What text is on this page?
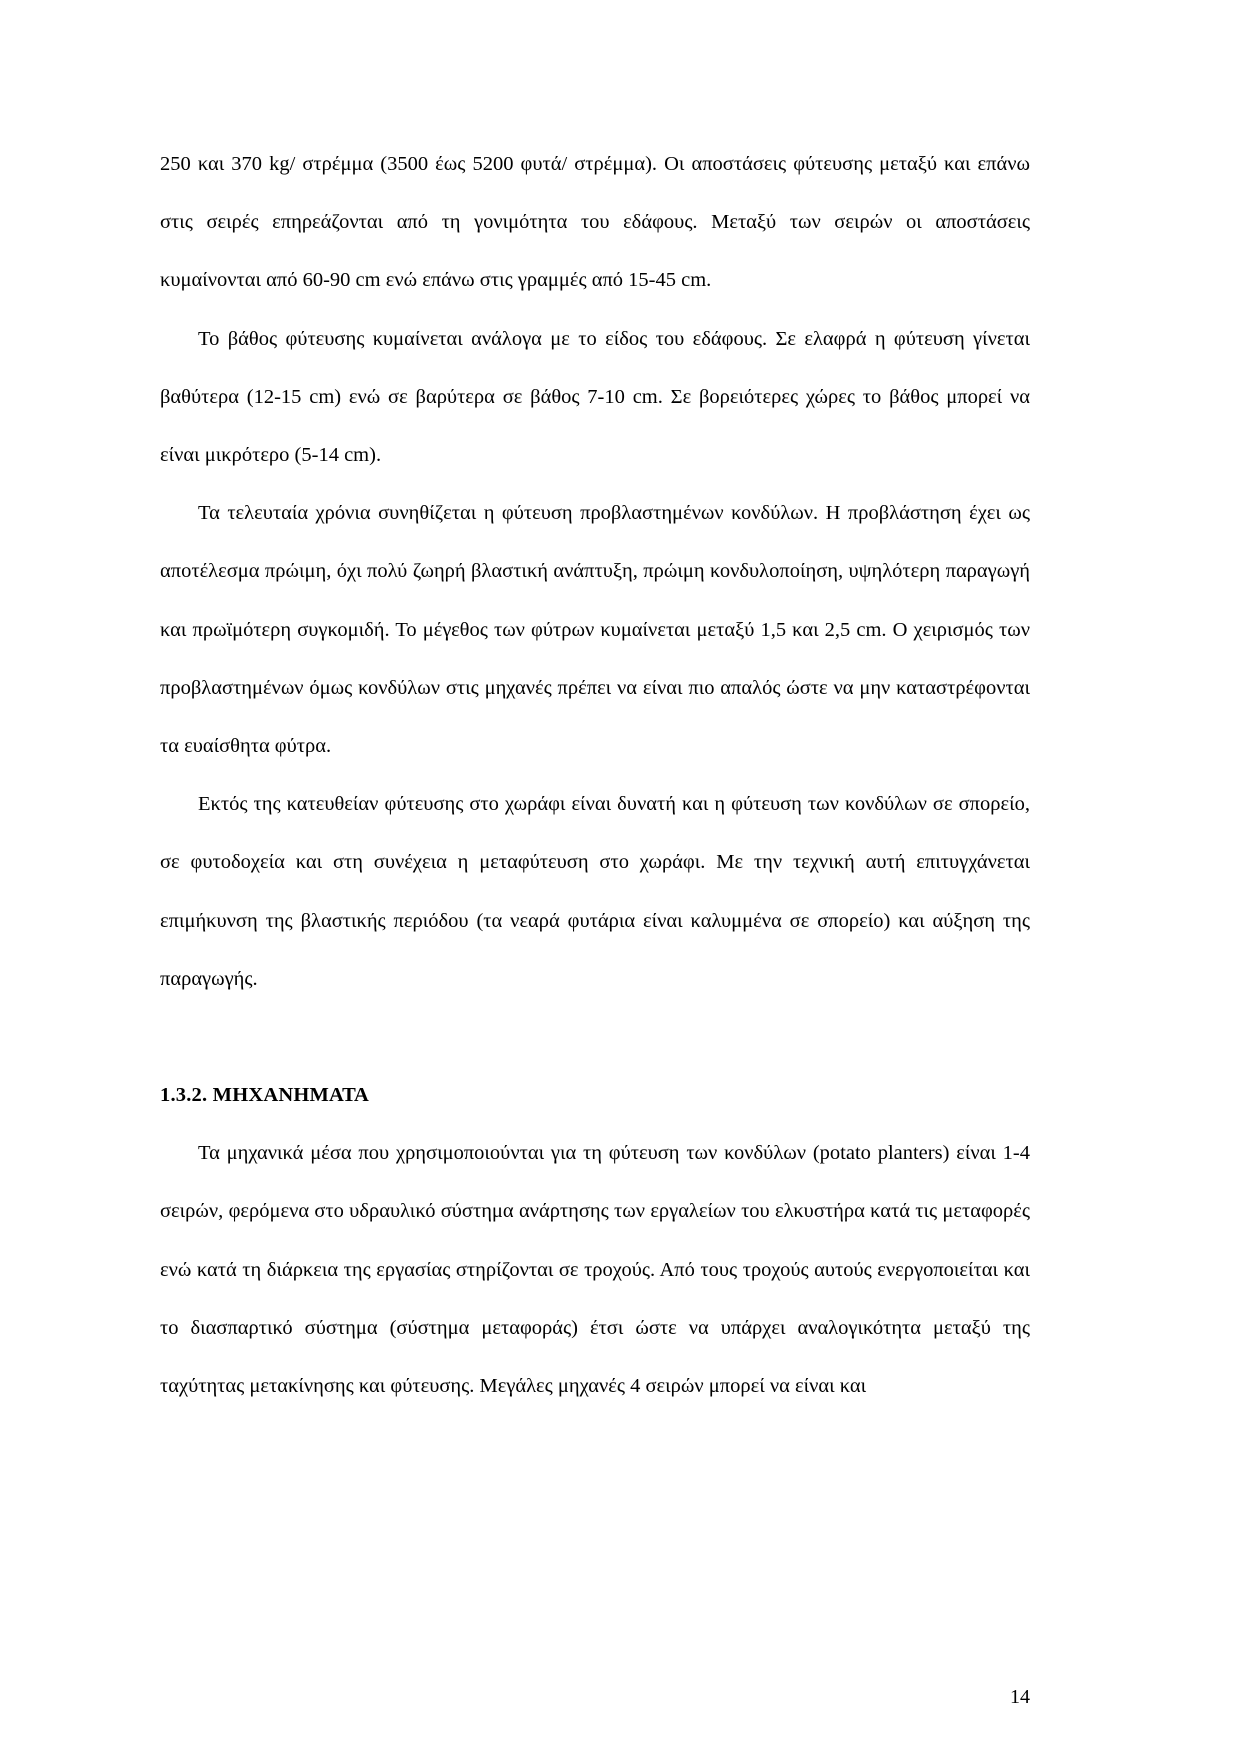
250 και 370 kg/ στρέμμα (3500 έως 5200 φυτά/ στρέμμα). Οι αποστάσεις φύτευσης μεταξύ και επάνω στις σειρές επηρεάζονται από τη γονιμότητα του εδάφους. Μεταξύ των σειρών οι αποστάσεις κυμαίνονται από 60-90 cm ενώ επάνω στις γραμμές από 15-45 cm.

Το βάθος φύτευσης κυμαίνεται ανάλογα με το είδος του εδάφους. Σε ελαφρά η φύτευση γίνεται βαθύτερα (12-15 cm) ενώ σε βαρύτερα σε βάθος 7-10 cm. Σε βορειότερες χώρες το βάθος μπορεί να είναι μικρότερο (5-14 cm).

Τα τελευταία χρόνια συνηθίζεται η φύτευση προβλαστημένων κονδύλων. Η προβλάστηση έχει ως αποτέλεσμα πρώιμη, όχι πολύ ζωηρή βλαστική ανάπτυξη, πρώιμη κονδυλοποίηση, υψηλότερη παραγωγή και πρωϊμότερη συγκομιδή. Το μέγεθος των φύτρων κυμαίνεται μεταξύ 1,5 και 2,5 cm. Ο χειρισμός των προβλαστημένων όμως κονδύλων στις μηχανές πρέπει να είναι πιο απαλός ώστε να μην καταστρέφονται τα ευαίσθητα φύτρα.

Εκτός της κατευθείαν φύτευσης στο χωράφι είναι δυνατή και η φύτευση των κονδύλων σε σπορείο, σε φυτοδοχεία και στη συνέχεια η μεταφύτευση στο χωράφι. Με την τεχνική αυτή επιτυγχάνεται επιμήκυνση της βλαστικής περιόδου (τα νεαρά φυτάρια είναι καλυμμένα σε σπορείο) και αύξηση της παραγωγής.

1.3.2. ΜΗΧΑΝΗΜΑΤΑ

Τα μηχανικά μέσα που χρησιμοποιούνται για τη φύτευση των κονδύλων (potato planters) είναι 1-4 σειρών, φερόμενα στο υδραυλικό σύστημα ανάρτησης των εργαλείων του ελκυστήρα κατά τις μεταφορές ενώ κατά τη διάρκεια της εργασίας στηρίζονται σε τροχούς. Από τους τροχούς αυτούς ενεργοποιείται και το διασπαρτικό σύστημα (σύστημα μεταφοράς) έτσι ώστε να υπάρχει αναλογικότητα μεταξύ της ταχύτητας μετακίνησης και φύτευσης. Μεγάλες μηχανές 4 σειρών μπορεί να είναι και

14
